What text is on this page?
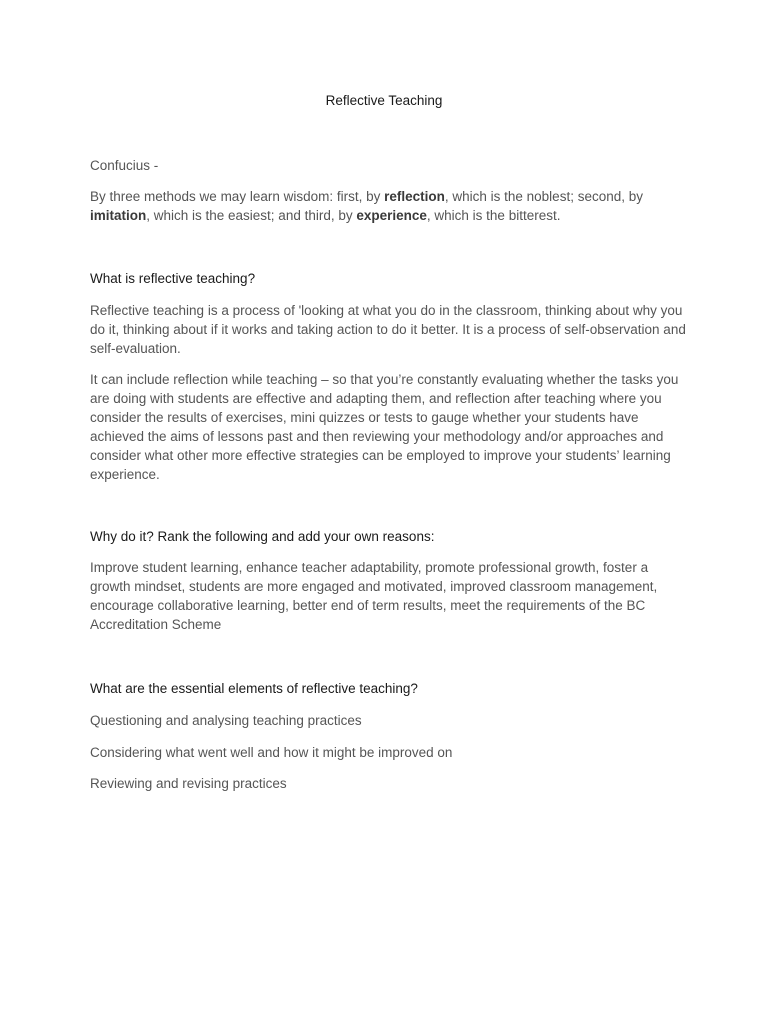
Reflective Teaching

Confucius -

By three methods we may learn wisdom: first, by reflection, which is the noblest; second, by imitation, which is the easiest; and third, by experience, which is the bitterest.

What is reflective teaching?

Reflective teaching is a process of 'looking at what you do in the classroom, thinking about why you do it, thinking about if it works and taking action to do it better. It is a process of self-observation and self-evaluation.

It can include reflection while teaching – so that you’re constantly evaluating whether the tasks you are doing with students are effective and adapting them, and reflection after teaching where you consider the results of exercises, mini quizzes or tests to gauge whether your students have achieved the aims of lessons past and then reviewing your methodology and/or approaches and consider what other more effective strategies can be employed to improve your students’ learning experience.

Why do it? Rank the following and add your own reasons:

Improve student learning, enhance teacher adaptability, promote professional growth, foster a growth mindset, students are more engaged and motivated, improved classroom management, encourage collaborative learning, better end of term results, meet the requirements of the BC Accreditation Scheme

What are the essential elements of reflective teaching?

Questioning and analysing teaching practices

Considering what went well and how it might be improved on

Reviewing and revising practices
